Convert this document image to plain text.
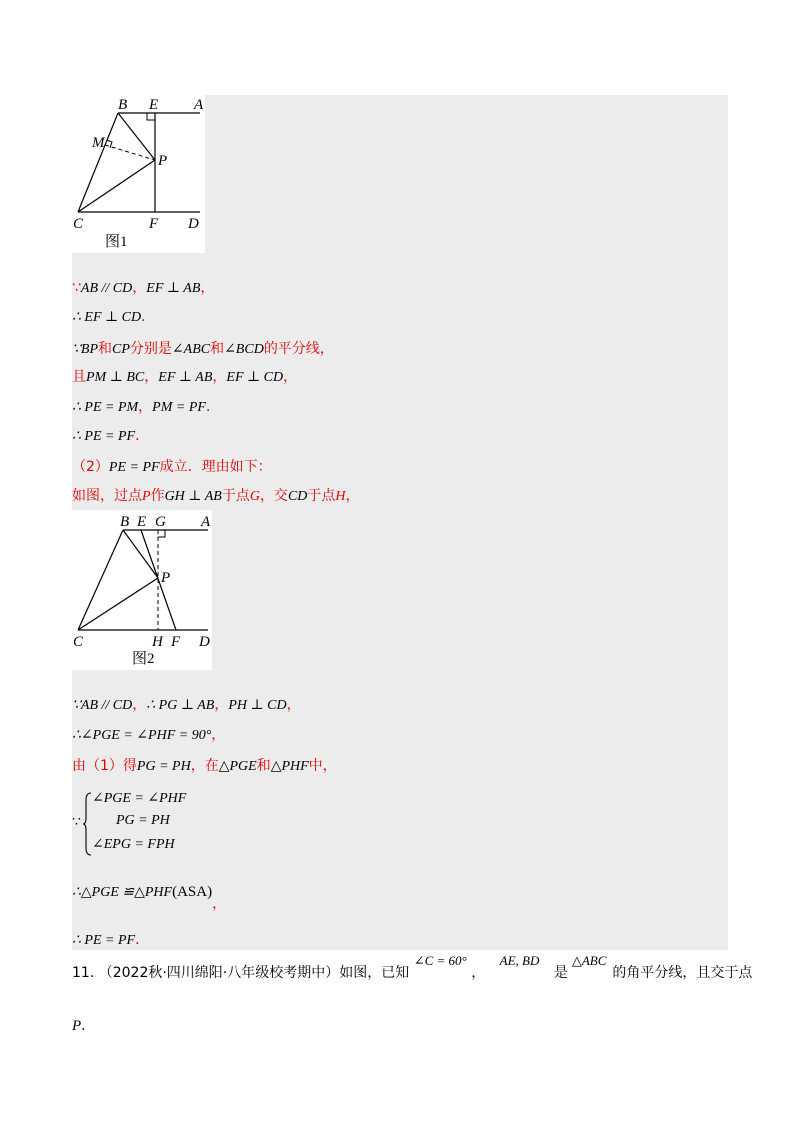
B E A
M
P
C	F D
图1
∵AB // CD，EF ⊥ AB，
∴ EF ⊥ CD．
∵BP和CP分别是∠ABC和∠BCD的平分线，
且PM ⊥ BC，EF ⊥ AB，EF ⊥ CD，
∴ PE = PM，PM = PF．
∴ PE = PF．
（2）PE = PF成立．理由如下：
如图，过点P作GH ⊥ AB于点G，交CD于点H，
B E G A
P
C	H F D
图2
∵AB // CD，∴ PG ⊥ AB，PH ⊥ CD，
∴∠PGE = ∠PHF = 90°，
由（1）得PG = PH，在△PGE和△PHF中，
∵
∠PGE = ∠PHF
PG = PH
∠EPG = FPH
∴△PGE ≌△PHF(ASA)，
∴ PE = PF．
11. （2022秋·四川绵阳·八年级校考期中）如图，已知 ∠C = 60° ， AE, BD 是△ABC的角平分线，且交于点
P．
